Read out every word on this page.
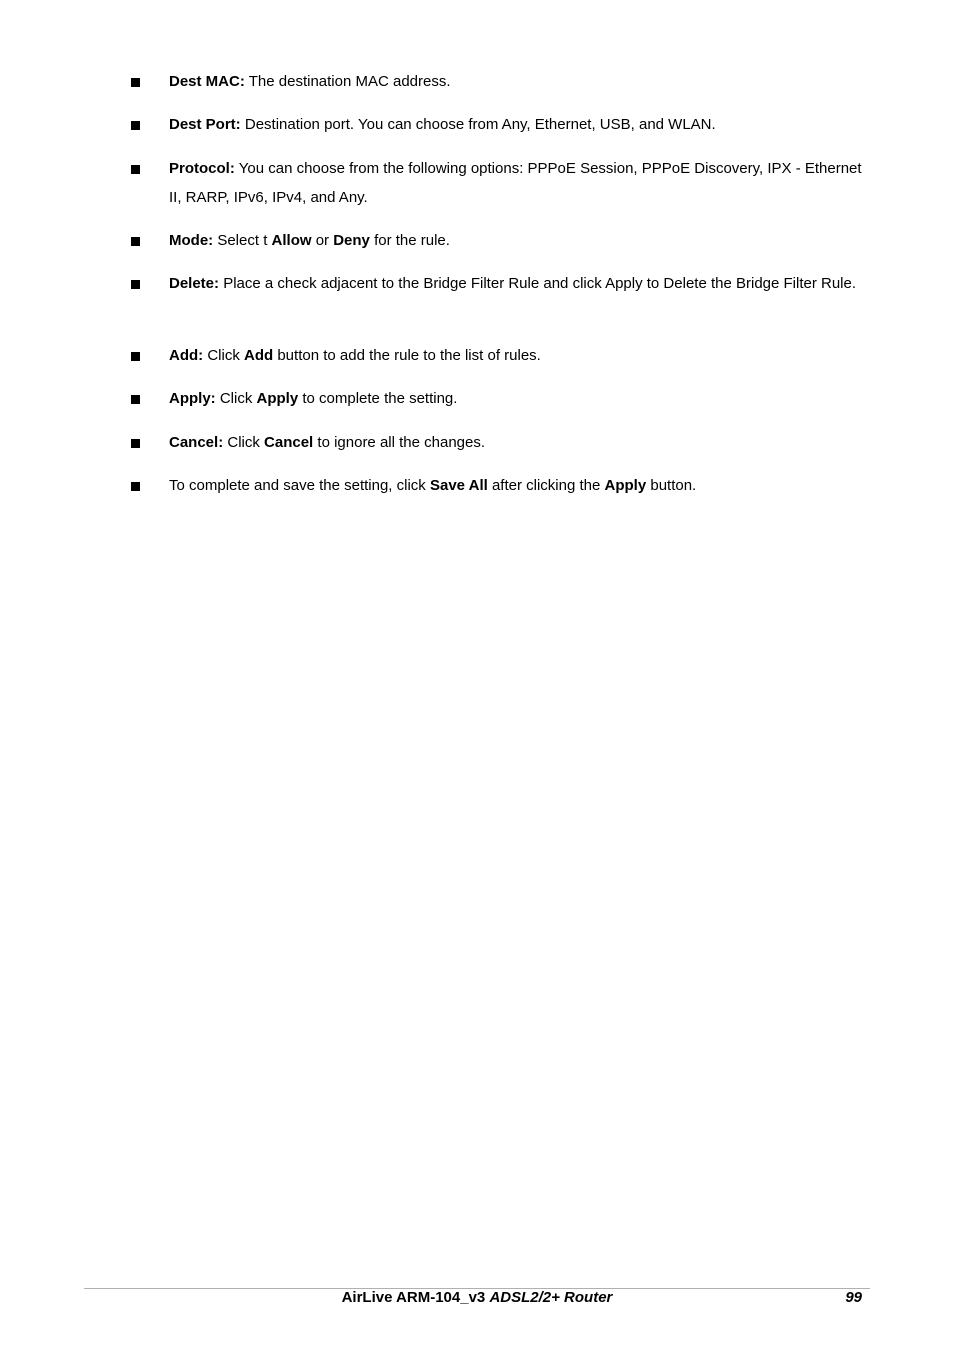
Dest MAC: The destination MAC address.
Dest Port: Destination port. You can choose from Any, Ethernet, USB, and WLAN.
Protocol: You can choose from the following options: PPPoE Session, PPPoE Discovery, IPX - Ethernet II, RARP, IPv6, IPv4, and Any.
Mode: Select t Allow or Deny for the rule.
Delete: Place a check adjacent to the Bridge Filter Rule and click Apply to Delete the Bridge Filter Rule.
Add: Click Add button to add the rule to the list of rules.
Apply: Click Apply to complete the setting.
Cancel: Click Cancel to ignore all the changes.
To complete and save the setting, click Save All after clicking the Apply button.
AirLive ARM-104_v3 ADSL2/2+ Router	99
